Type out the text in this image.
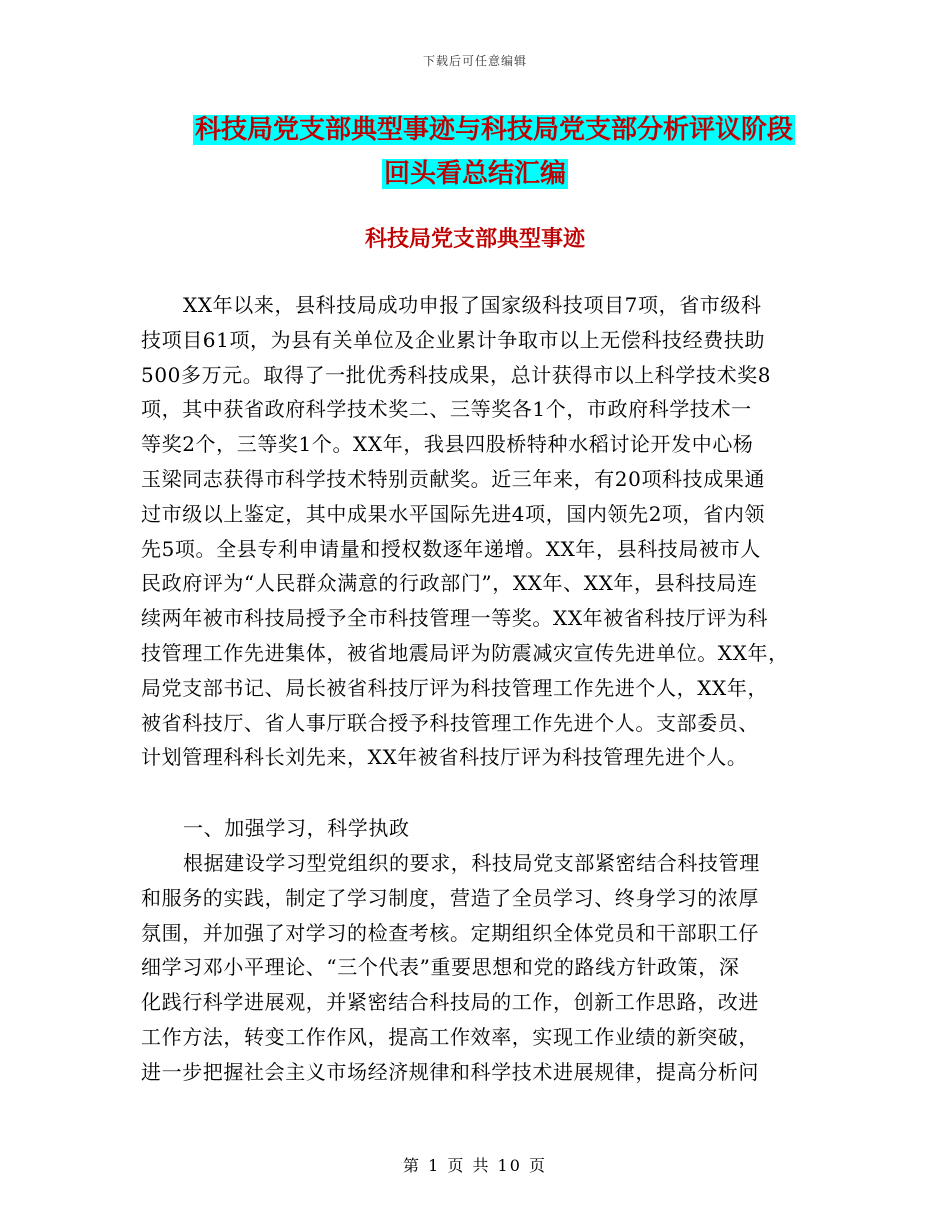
下载后可任意编辑
科技局党支部典型事迹与科技局党支部分析评议阶段
回头看总结汇编
科技局党支部典型事迹
XX年以来，县科技局成功申报了国家级科技项目7项，省市级科
技项目61项，为县有关单位及企业累计争取市以上无偿科技经费扶助
500多万元。取得了一批优秀科技成果，总计获得市以上科学技术奖8
项，其中获省政府科学技术奖二、三等奖各1个，市政府科学技术一
等奖2个，三等奖1个。XX年，我县四股桥特种水稻讨论开发中心杨
玉梁同志获得市科学技术特别贡献奖。近三年来，有20项科技成果通
过市级以上鉴定，其中成果水平国际先进4项，国内领先2项，省内领
先5项。全县专利申请量和授权数逐年递增。XX年，县科技局被市人
民政府评为“人民群众满意的行政部门”，XX年、XX年，县科技局连
续两年被市科技局授予全市科技管理一等奖。XX年被省科技厅评为科
技管理工作先进集体，被省地震局评为防震减灾宣传先进单位。XX年，
局党支部书记、局长被省科技厅评为科技管理工作先进个人，XX年，
被省科技厅、省人事厅联合授予科技管理工作先进个人。支部委员、
计划管理科科长刘先来，XX年被省科技厅评为科技管理先进个人。
一、加强学习，科学执政
根据建设学习型党组织的要求，科技局党支部紧密结合科技管理
和服务的实践，制定了学习制度，营造了全员学习、终身学习的浓厚
氛围，并加强了对学习的检查考核。定期组织全体党员和干部职工仔
细学习邓小平理论、“三个代表”重要思想和党的路线方针政策，深
化践行科学进展观，并紧密结合科技局的工作，创新工作思路，改进
工作方法，转变工作作风，提高工作效率，实现工作业绩的新突破，
进一步把握社会主义市场经济规律和科学技术进展规律，提高分析问
第 1 页 共 10 页
